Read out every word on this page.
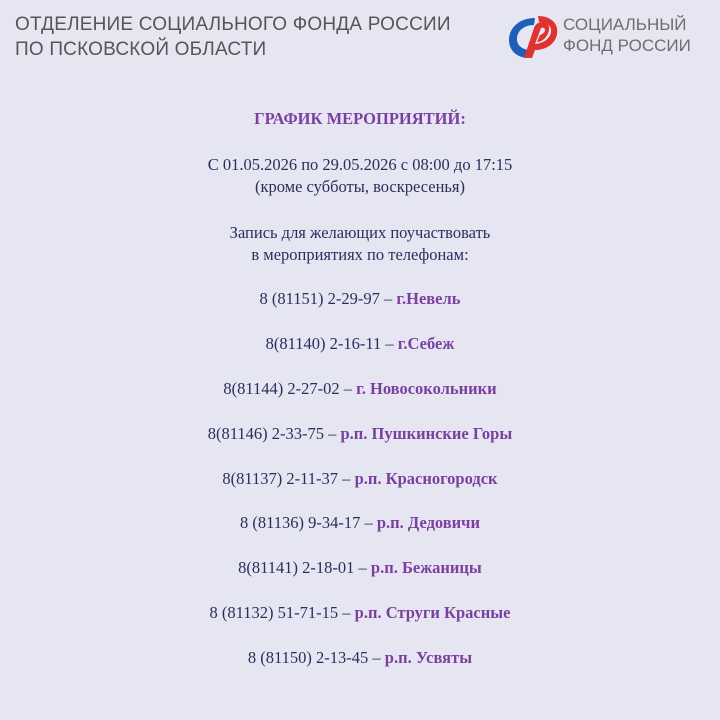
ОТДЕЛЕНИЕ СОЦИАЛЬНОГО ФОНДА РОССИИ
ПО ПСКОВСКОЙ ОБЛАСТИ
СОЦИАЛЬНЫЙ
ФОНД РОССИИ
ГРАФИК МЕРОПРИЯТИЙ:
С 01.05.2026 по 29.05.2026 с 08:00 до 17:15
(кроме субботы, воскресенья)
Запись для желающих поучаствовать
в мероприятиях по телефонам:
8 (81151) 2-29-97 – г.Невель
8(81140) 2-16-11 – г.Себеж
8(81144) 2-27-02 – г. Новосокольники
8(81146) 2-33-75 – р.п. Пушкинские Горы
8(81137) 2-11-37 – р.п. Красногородск
8 (81136) 9-34-17 – р.п. Дедовичи
8(81141) 2-18-01 – р.п. Бежаницы
8 (81132) 51-71-15 – р.п. Струги Красные
8 (81150) 2-13-45 – р.п. Усвяты
